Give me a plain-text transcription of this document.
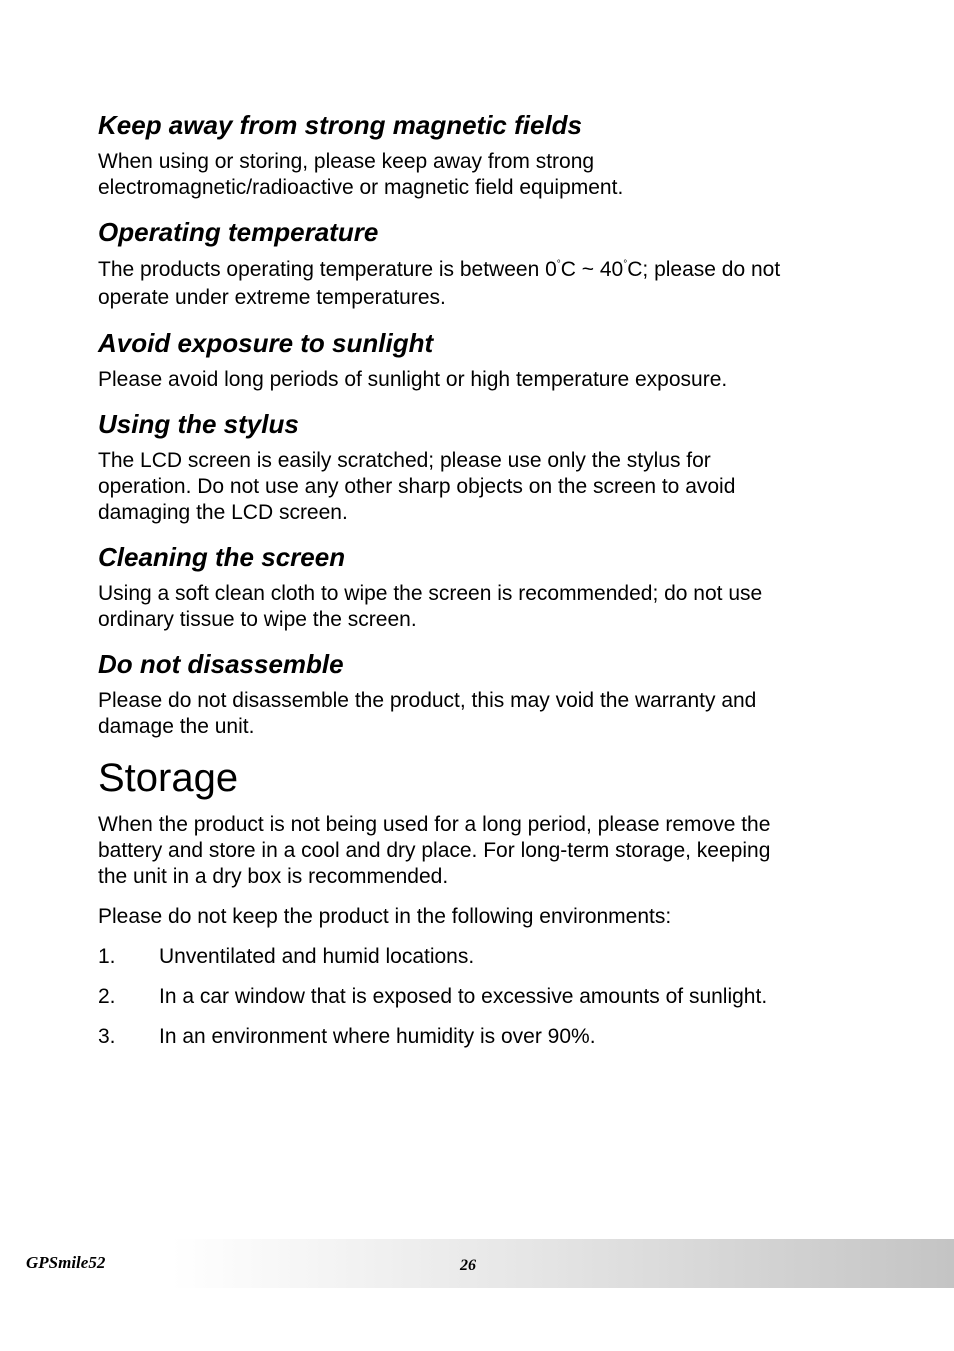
Keep away from strong magnetic fields

When using or storing, please keep away from strong
electromagnetic/radioactive or magnetic field equipment.

Operating temperature

The products operating temperature is between 0°C ~ 40°C; please do not
operate under extreme temperatures.

Avoid exposure to sunlight

Please avoid long periods of sunlight or high temperature exposure.

Using the stylus

The LCD screen is easily scratched; please use only the stylus for
operation. Do not use any other sharp objects on the screen to avoid
damaging the LCD screen.

Cleaning the screen

Using a soft clean cloth to wipe the screen is recommended; do not use
ordinary tissue to wipe the screen.

Do not disassemble

Please do not disassemble the product, this may void the warranty and
damage the unit.

Storage

When the product is not being used for a long period, please remove the
battery and store in a cool and dry place. For long-term storage, keeping
the unit in a dry box is recommended.

Please do not keep the product in the following environments:

1.	Unventilated and humid locations.
2.	In a car window that is exposed to excessive amounts of sunlight.
3.	In an environment where humidity is over 90%.
GPSmile52	26
